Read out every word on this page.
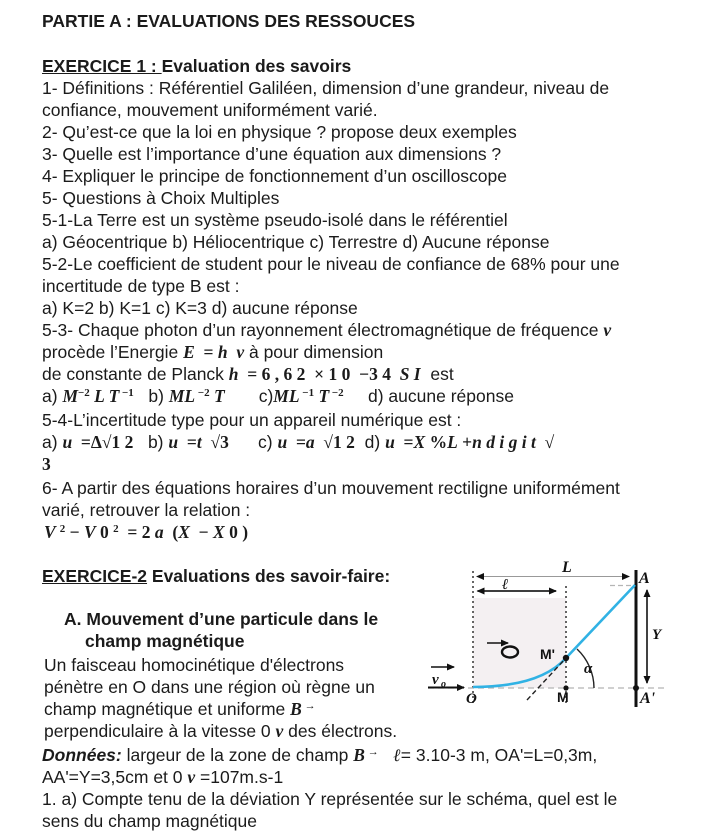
PARTIE A : EVALUATIONS DES RESSOUCES
EXERCICE 1 : Evaluation des savoirs
1- Définitions : Référentiel Galiléen, dimension d’une grandeur, niveau de
confiance, mouvement uniformément varié.
2- Qu’est-ce que la loi en physique ? propose deux exemples
3- Quelle est l’importance d’une équation aux dimensions ?
4- Expliquer le principe de fonctionnement d’un oscilloscope
5- Questions à Choix Multiples
5-1-La Terre est un système pseudo-isolé dans le référentiel
a) Géocentrique b) Héliocentrique c) Terrestre d) Aucune réponse
5-2-Le coefficient de student pour le niveau de confiance de 68% pour une
incertitude de type B est :
a) K=2 b) K=1 c) K=3 d) aucune réponse
5-3- Chaque photon d’un rayonnement électromagnétique de fréquence ν
procède l’Energie E  = h  ν à pour dimension
de constante de Planck h  = 6 , 6 2  × 1 0  −3 4  S I  est
a) $M^{-2}$ L T $^{-1}$   b) ML $^{-2}$ T       c)ML $^{-1}$ T $^{-2}$     d) aucune réponse
5-4-L’incertitude type pour un appareil numérique est :
a) u  =Δ√1 2   b) u  =t  √3      c) u  =a  √1 2  d) u  =X %L +n d i g i t  √
3
6- A partir des équations horaires d’un mouvement rectiligne uniformément
varié, retrouver la relation :
V $^2$ − V 0 $^2$  = 2 a  (X  − X 0 )
EXERCICE-2 Evaluations des savoir-faire:
A. Mouvement d’une particule dans le
champ magnétique
Un faisceau homocinétique d'électrons
pénètre en O dans une région où règne un
champ magnétique et uniforme B →
perpendiculaire à la vitesse 0 v des électrons.
Données: largeur de la zone de champ B → ℓ= 3.10-3 m, OA'=L=0,3m,
AA'=Y=3,5cm et 0 v =107m.s-1
1. a) Compte tenu de la déviation Y représentée sur le schéma, quel est le
sens du champ magnétique
L
ℓ	A
A'
Y
α
M'
M
v o
O
